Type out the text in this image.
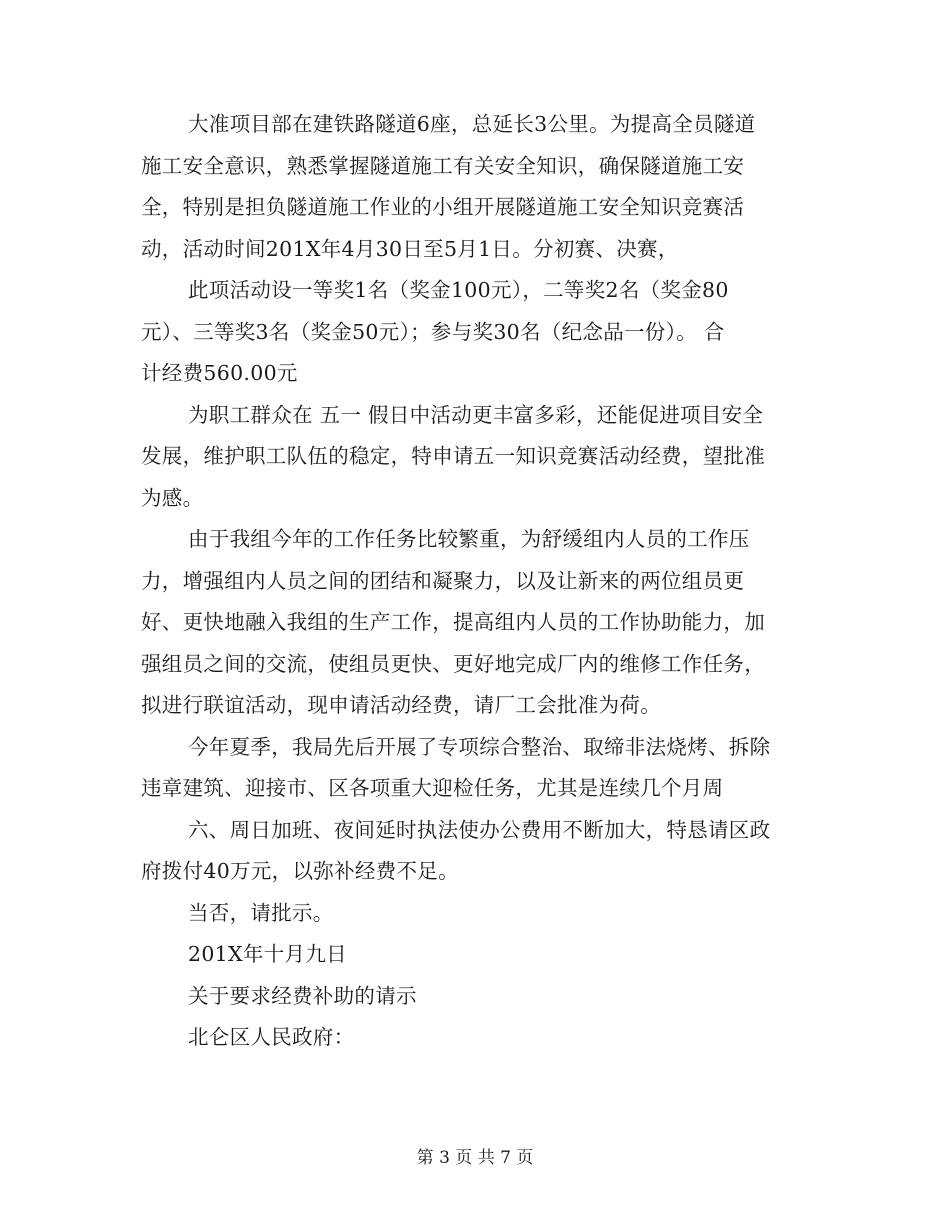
大准项目部在建铁路隧道6座，总延长3公里。为提高全员隧道
施工安全意识，熟悉掌握隧道施工有关安全知识，确保隧道施工安
全，特别是担负隧道施工作业的小组开展隧道施工安全知识竞赛活
动，活动时间201X年4月30日至5月1日。分初赛、决赛，
此项活动设一等奖1名（奖金100元），二等奖2名（奖金80
元）、三等奖3名（奖金50元）；参与奖30名（纪念品一份）。 合
计经费560.00元
为职工群众在 五一 假日中活动更丰富多彩，还能促进项目安全
发展，维护职工队伍的稳定，特申请五一知识竞赛活动经费，望批准
为感。
由于我组今年的工作任务比较繁重，为舒缓组内人员的工作压
力，增强组内人员之间的团结和凝聚力，以及让新来的两位组员更
好、更快地融入我组的生产工作，提高组内人员的工作协助能力，加
强组员之间的交流，使组员更快、更好地完成厂内的维修工作任务，
拟进行联谊活动，现申请活动经费，请厂工会批准为荷。
今年夏季，我局先后开展了专项综合整治、取缔非法烧烤、拆除
违章建筑、迎接市、区各项重大迎检任务，尤其是连续几个月周
六、周日加班、夜间延时执法使办公费用不断加大，特恳请区政
府拨付40万元，以弥补经费不足。
当否，请批示。
201X年十月九日
关于要求经费补助的请示
北仑区人民政府：
第 3 页 共 7 页
